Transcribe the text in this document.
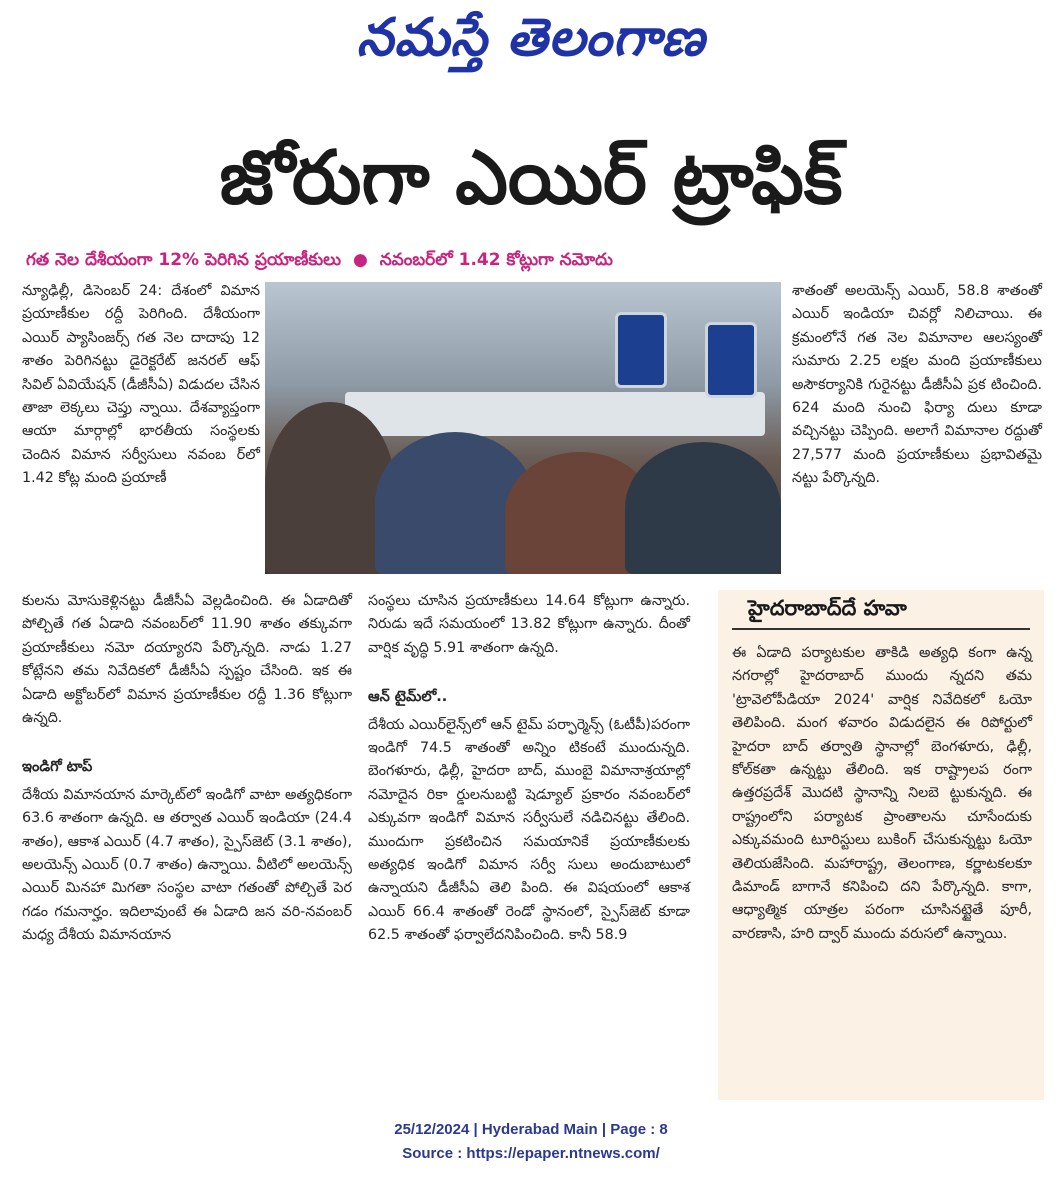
నమస్తే తెలంగాణ
జోరుగా ఎయిర్ ట్రాఫిక్
గత నెల దేశీయంగా 12% పెరిగిన ప్రయాణీకులు ● నవంబర్‌లో 1.42 కోట్లుగా నమోదు

న్యూఢిల్లీ, డిసెంబర్ 24: దేశంలో విమాన ప్రయాణీకుల రద్దీ పెరిగింది. దేశీయంగా ఎయిర్ ప్యాసింజర్స్ గత నెల దాదాపు 12 శాతం పెరిగినట్టు డైరెక్టరేట్ జనరల్ ఆఫ్ సివిల్ ఏవియేషన్ (డీజీసీఏ) విడుదల చేసిన తాజా లెక్కలు చెప్తు న్నాయి. దేశవ్యాప్తంగా ఆయా మార్గాల్లో భారతీయ సంస్థలకు చెందిన విమాన సర్వీసులు నవంబ ర్‌లో 1.42 కోట్ల మంది ప్రయాణీ

శాతంతో అలయెన్స్ ఎయిర్, 58.8 శాతంతో ఎయిర్ ఇండియా చివర్లో నిలిచాయి. ఈ క్రమంలోనే గత నెల విమానాల ఆలస్యంతో సుమారు 2.25 లక్షల మంది ప్రయాణీకులు అసౌకర్యానికి గురైనట్టు డీజీసీఏ ప్రక టించింది. 624 మంది నుంచి ఫిర్యా దులు కూడా వచ్చినట్టు చెప్పింది. అలాగే విమానాల రద్దుతో 27,577 మంది ప్రయాణీకులు ప్రభావితమై నట్టు పేర్కొన్నది.

కులను మోసుకెళ్లినట్టు డీజీసీఏ వెల్లడించింది. ఈ ఏడాదితో పోల్చితే గత ఏడాది నవంబర్‌లో 11.90 శాతం తక్కువగా ప్రయాణీకులు నమో దయ్యారని పేర్కొన్నది. నాడు 1.27 కోట్లేనని తమ నివేదికలో డీజీసీఏ స్పష్టం చేసింది. ఇక ఈ ఏడాది అక్టోబర్‌లో విమాన ప్రయాణీకుల రద్దీ 1.36 కోట్లుగా ఉన్నది.

ఇండిగో టాప్

దేశీయ విమానయాన మార్కెట్‌లో ఇండిగో వాటా అత్యధికంగా 63.6 శాతంగా ఉన్నది. ఆ తర్వాత ఎయిర్ ఇండియా (24.4 శాతం), ఆకాశ ఎయిర్ (4.7 శాతం), స్పైస్‌జెట్ (3.1 శాతం), అలయెన్స్ ఎయిర్ (0.7 శాతం) ఉన్నాయి. వీటిలో అలయెన్స్ ఎయిర్ మినహా మిగతా సంస్థల వాటా గతంతో పోల్చితే పెర గడం గమనార్హం. ఇదిలావుంటే ఈ ఏడాది జన వరి-నవంబర్ మధ్య దేశీయ విమానయాన

సంస్థలు చూసిన ప్రయాణీకులు 14.64 కోట్లుగా ఉన్నారు. నిరుడు ఇదే సమయంలో 13.82 కోట్లుగా ఉన్నారు. దీంతో వార్షిక వృద్ధి 5.91 శాతంగా ఉన్నది.

ఆన్ టైమ్‌లో..

దేశీయ ఎయిర్‌లైన్స్‌లో ఆన్ టైమ్ పర్ఫార్మెన్స్ (ఓటీపీ)పరంగా ఇండిగో 74.5 శాతంతో అన్నిం టికంటే ముందున్నది. బెంగళూరు, ఢిల్లీ, హైదరా బాద్, ముంబై విమానాశ్రయాల్లో నమోదైన రికా ర్డులనుబట్టి షెడ్యూల్ ప్రకారం నవంబర్‌లో ఎక్కువగా ఇండిగో విమాన సర్వీసులే నడిచినట్టు తేలింది. ముందుగా ప్రకటించిన సమయానికే ప్రయాణీకులకు అత్యధిక ఇండిగో విమాన సర్వీ సులు అందుబాటులో ఉన్నాయని డీజీసీఏ తెలి పింది. ఈ విషయంలో ఆకాశ ఎయిర్ 66.4 శాతంతో రెండో స్థానంలో, స్పైస్‌జెట్ కూడా 62.5 శాతంతో ఫర్వాలేదనిపించింది. కానీ 58.9

హైదరాబాద్‌దే హవా
ఈ ఏడాది పర్యాటకుల తాకిడి అత్యధి కంగా ఉన్న నగరాల్లో హైదరాబాద్ ముందు న్నదని తమ 'ట్రావెలోపీడియా 2024' వార్షిక నివేదికలో ఓయో తెలిపింది. మంగ ళవారం విడుదలైన ఈ రిపోర్టులో హైదరా బాద్ తర్వాతి స్థానాల్లో బెంగళూరు, ఢిల్లీ, కోల్‌కతా ఉన్నట్టు తేలింది. ఇక రాష్ట్రాలప రంగా ఉత్తరప్రదేశ్ మొదటి స్థానాన్ని నిలబె ట్టుకున్నది. ఈ రాష్ట్రంలోని పర్యాటక ప్రాంతాలను చూసేందుకు ఎక్కువమంది టూరిస్టులు బుకింగ్ చేసుకున్నట్టు ఓయో తెలియజేసింది. మహారాష్ట్ర, తెలంగాణ, కర్ణాటకలకూ డిమాండ్ బాగానే కనిపించి దని పేర్కొన్నది. కాగా, ఆధ్యాత్మిక యాత్రల పరంగా చూసినట్టైతే పూరీ, వారణాసి, హరి ద్వార్ ముందు వరుసలో ఉన్నాయి.
25/12/2024 | Hyderabad Main | Page : 8
Source : https://epaper.ntnews.com/
